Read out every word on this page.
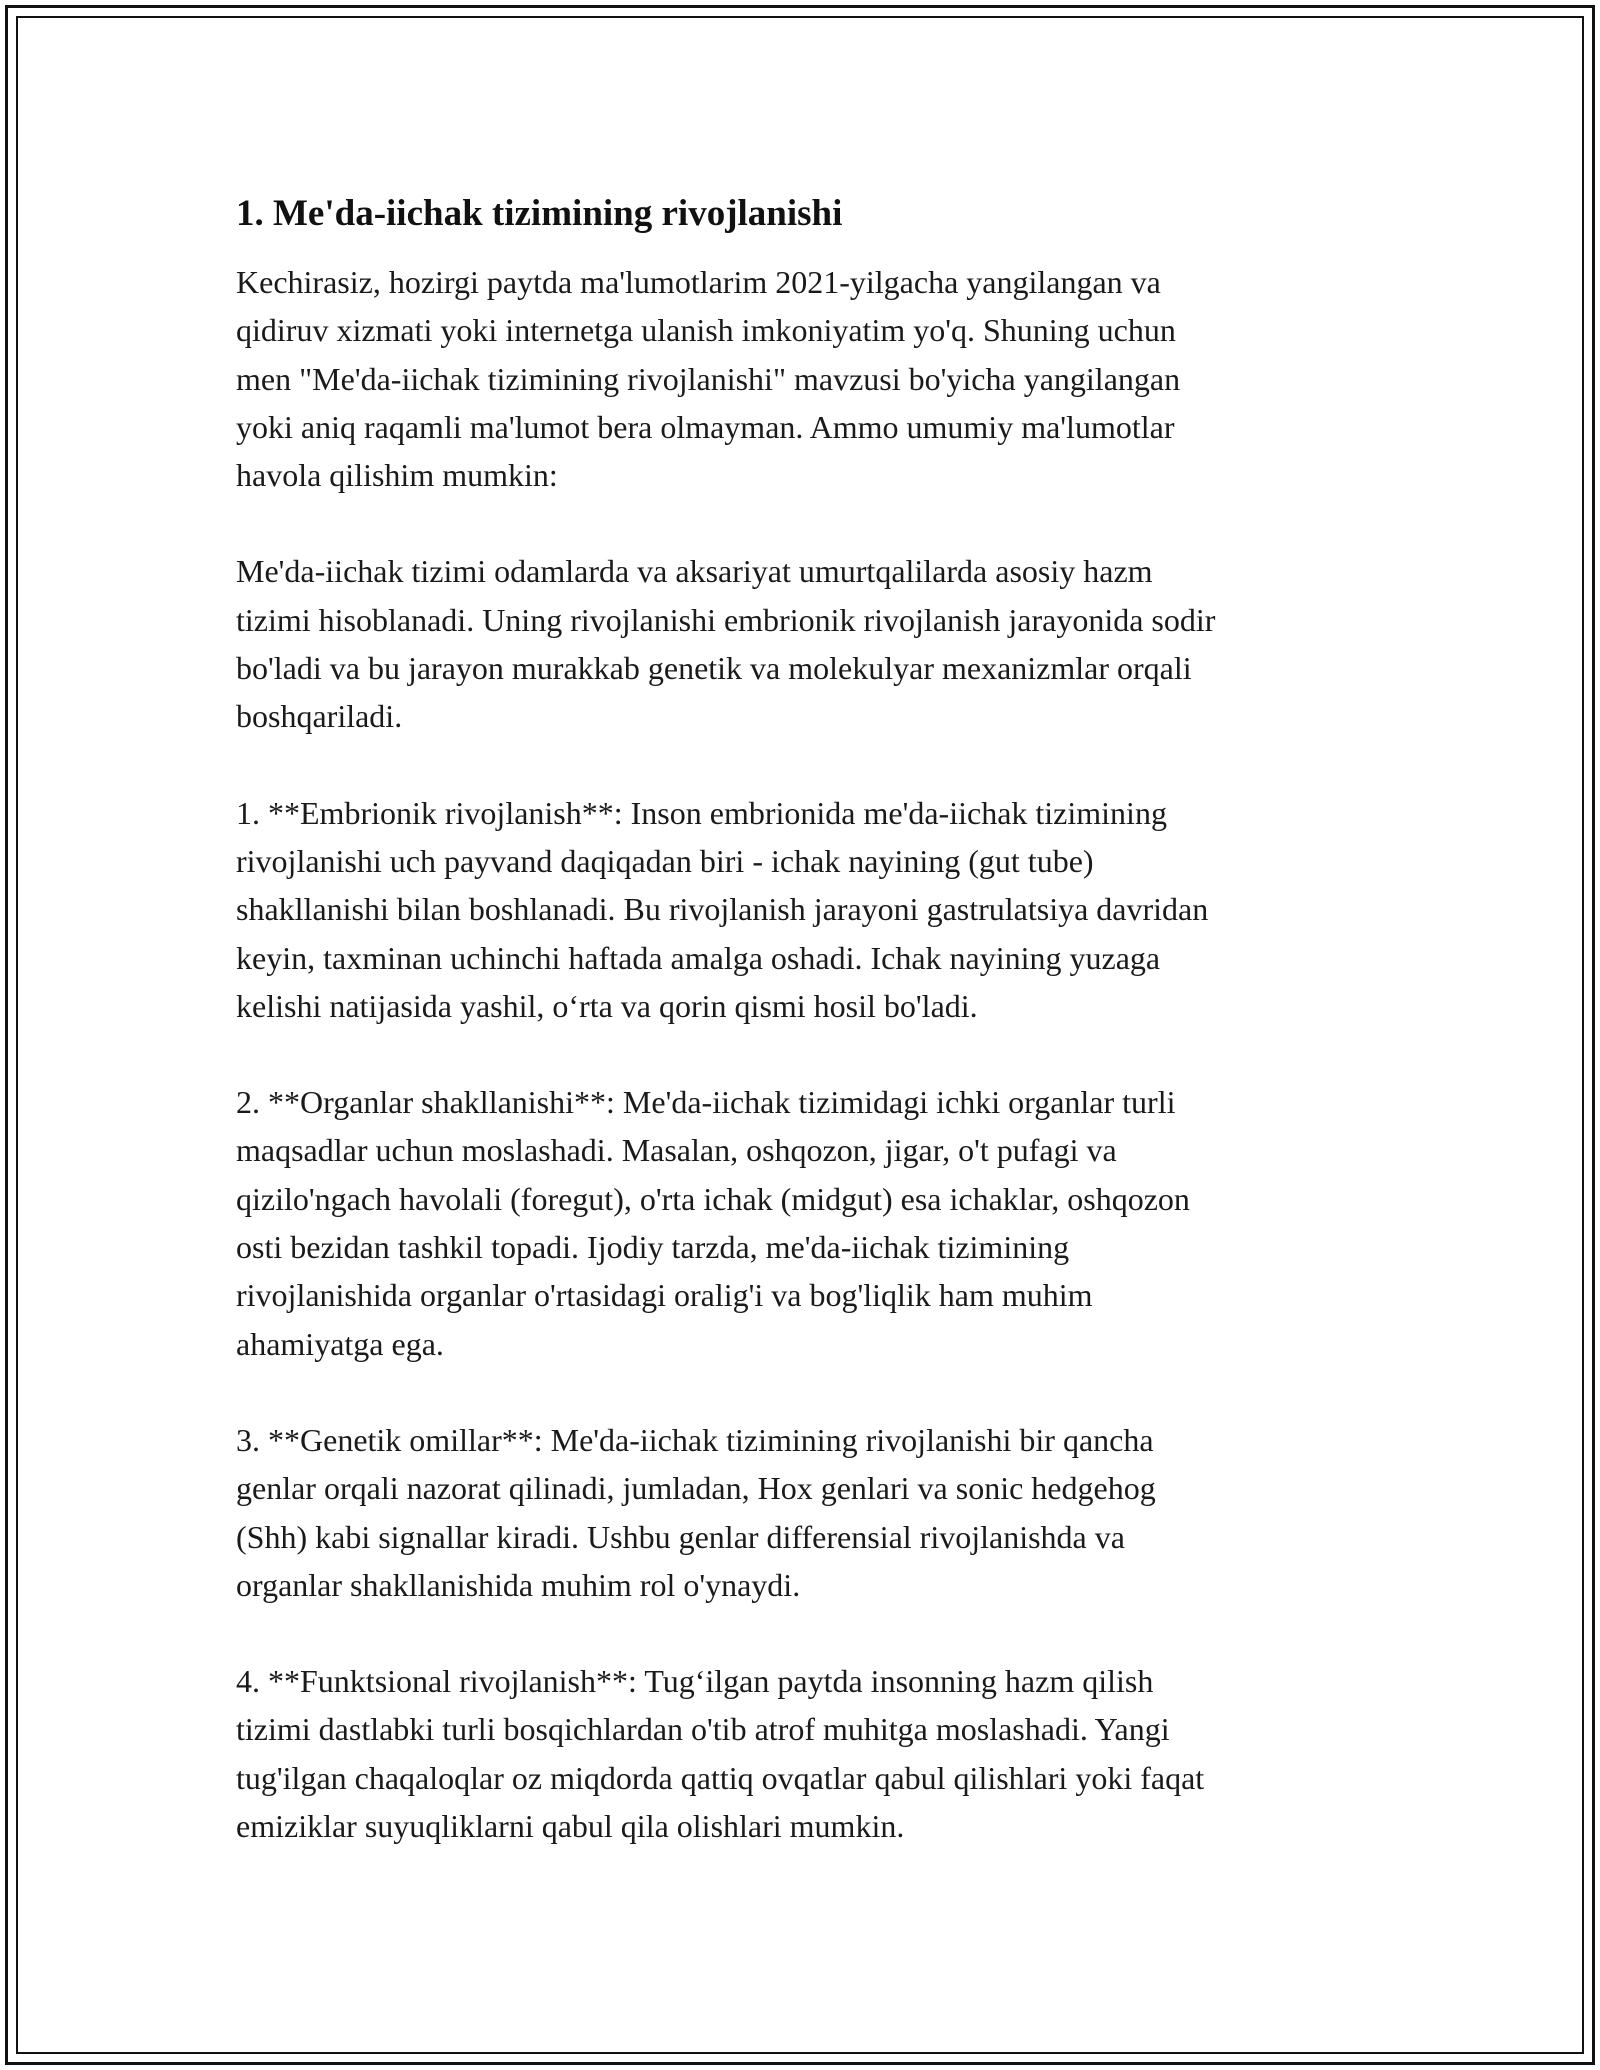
1. Me'da-iichak tizimining rivojlanishi

Kechirasiz, hozirgi paytda ma'lumotlarim 2021-yilgacha yangilangan va
qidiruv xizmati yoki internetga ulanish imkoniyatim yo'q. Shuning uchun
men "Me'da-iichak tizimining rivojlanishi" mavzusi bo'yicha yangilangan
yoki aniq raqamli ma'lumot bera olmayman. Ammo umumiy ma'lumotlar
havola qilishim mumkin:

Me'da-iichak tizimi odamlarda va aksariyat umurtqalilarda asosiy hazm
tizimi hisoblanadi. Uning rivojlanishi embrionik rivojlanish jarayonida sodir
bo'ladi va bu jarayon murakkab genetik va molekulyar mexanizmlar orqali
boshqariladi.

1. **Embrionik rivojlanish**: Inson embrionida me'da-iichak tizimining
rivojlanishi uch payvand daqiqadan biri - ichak nayining (gut tube)
shakllanishi bilan boshlanadi. Bu rivojlanish jarayoni gastrulatsiya davridan
keyin, taxminan uchinchi haftada amalga oshadi. Ichak nayining yuzaga
kelishi natijasida yashil, o‘rta va qorin qismi hosil bo'ladi.

2. **Organlar shakllanishi**: Me'da-iichak tizimidagi ichki organlar turli
maqsadlar uchun moslashadi. Masalan, oshqozon, jigar, o't pufagi va
qizilo'ngach havolali (foregut), o'rta ichak (midgut) esa ichaklar, oshqozon
osti bezidan tashkil topadi. Ijodiy tarzda, me'da-iichak tizimining
rivojlanishida organlar o'rtasidagi oralig'i va bog'liqlik ham muhim
ahamiyatga ega.

3. **Genetik omillar**: Me'da-iichak tizimining rivojlanishi bir qancha
genlar orqali nazorat qilinadi, jumladan, Hox genlari va sonic hedgehog
(Shh) kabi signallar kiradi. Ushbu genlar differensial rivojlanishda va
organlar shakllanishida muhim rol o'ynaydi.

4. **Funktsional rivojlanish**: Tug‘ilgan paytda insonning hazm qilish
tizimi dastlabki turli bosqichlardan o'tib atrof muhitga moslashadi. Yangi
tug'ilgan chaqaloqlar oz miqdorda qattiq ovqatlar qabul qilishlari yoki faqat
emiziklar suyuqliklarni qabul qila olishlari mumkin.
